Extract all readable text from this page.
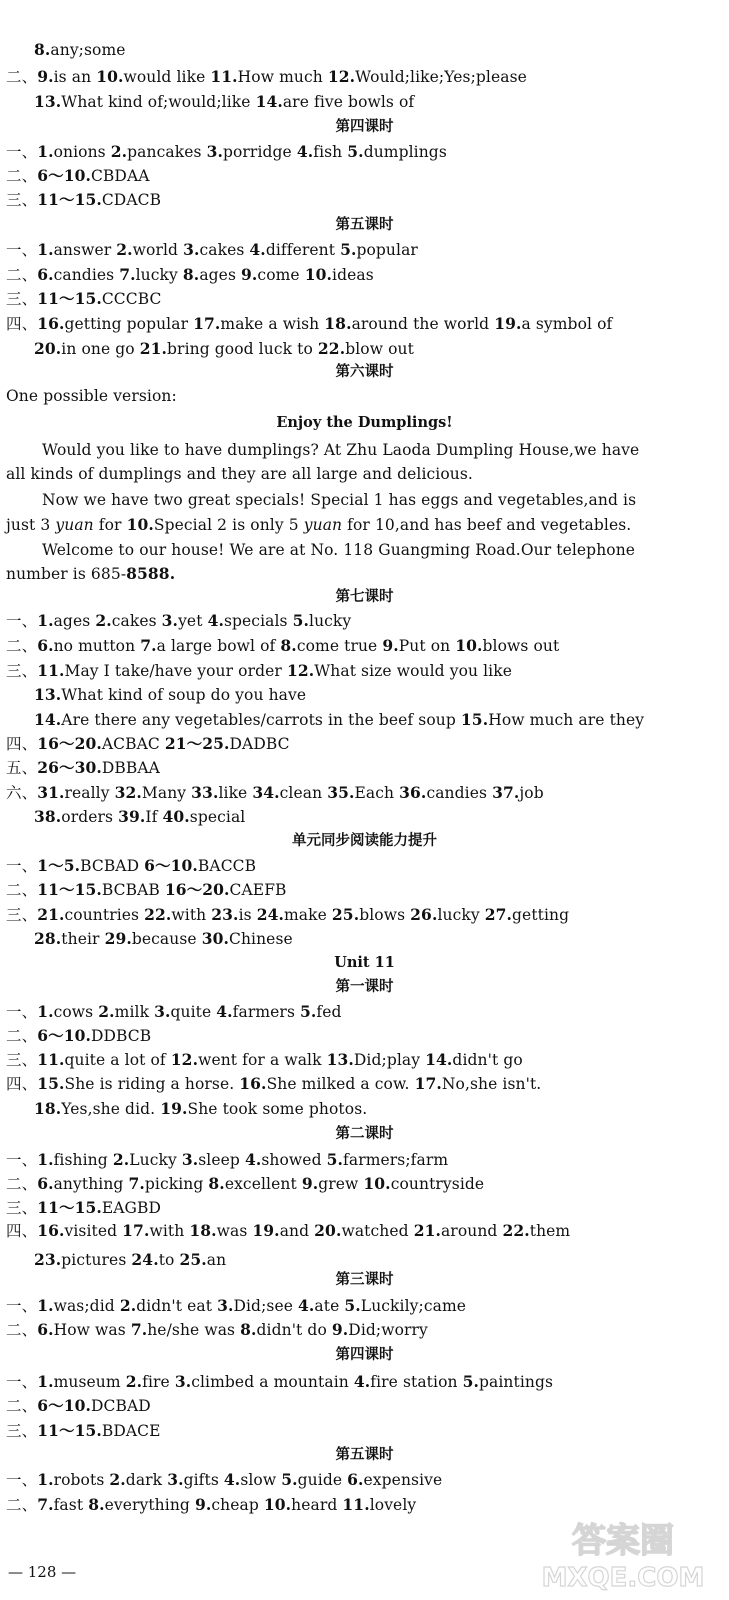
8.any;some
二、9.is an 10.would like 11.How much 12.Would;like;Yes;please
13.What kind of;would;like 14.are five bowls of
第四课时
一、1.onions 2.pancakes 3.porridge 4.fish 5.dumplings
二、6～10.CBDAA
三、11～15.CDACB
第五课时
一、1.answer 2.world 3.cakes 4.different 5.popular
二、6.candies 7.lucky 8.ages 9.come 10.ideas
三、11～15.CCCBC
四、16.getting popular 17.make a wish 18.around the world 19.a symbol of
20.in one go 21.bring good luck to 22.blow out
第六课时
One possible version:
Enjoy the Dumplings!
Would you like to have dumplings? At Zhu Laoda Dumpling House,we have
all kinds of dumplings and they are all large and delicious.
Now we have two great specials! Special 1 has eggs and vegetables,and is
just 3 yuan for 10.Special 2 is only 5 yuan for 10,and has beef and vegetables.
Welcome to our house! We are at No. 118 Guangming Road.Our telephone
number is 685-8588.
第七课时
一、1.ages 2.cakes 3.yet 4.specials 5.lucky
二、6.no mutton 7.a large bowl of 8.come true 9.Put on 10.blows out
三、11.May I take/have your order 12.What size would you like
13.What kind of soup do you have
14.Are there any vegetables/carrots in the beef soup 15.How much are they
四、16～20.ACBAC 21～25.DADBC
五、26～30.DBBAA
六、31.really 32.Many 33.like 34.clean 35.Each 36.candies 37.job
38.orders 39.If 40.special
单元同步阅读能力提升
一、1～5.BCBAD 6～10.BACCB
二、11～15.BCBAB 16～20.CAEFB
三、21.countries 22.with 23.is 24.make 25.blows 26.lucky 27.getting
28.their 29.because 30.Chinese
Unit 11
第一课时
一、1.cows 2.milk 3.quite 4.farmers 5.fed
二、6～10.DDBCB
三、11.quite a lot of 12.went for a walk 13.Did;play 14.didn't go
四、15.She is riding a horse. 16.She milked a cow. 17.No,she isn't.
18.Yes,she did. 19.She took some photos.
第二课时
一、1.fishing 2.Lucky 3.sleep 4.showed 5.farmers;farm
二、6.anything 7.picking 8.excellent 9.grew 10.countryside
三、11～15.EAGBD
四、16.visited 17.with 18.was 19.and 20.watched 21.around 22.them
23.pictures 24.to 25.an
第三课时
一、1.was;did 2.didn't eat 3.Did;see 4.ate 5.Luckily;came
二、6.How was 7.he/she was 8.didn't do 9.Did;worry
第四课时
一、1.museum 2.fire 3.climbed a mountain 4.fire station 5.paintings
二、6～10.DCBAD
三、11～15.BDACE
第五课时
一、1.robots 2.dark 3.gifts 4.slow 5.guide 6.expensive
二、7.fast 8.everything 9.cheap 10.heard 11.lovely
— 128 —
答案圈
MXQE.COM
